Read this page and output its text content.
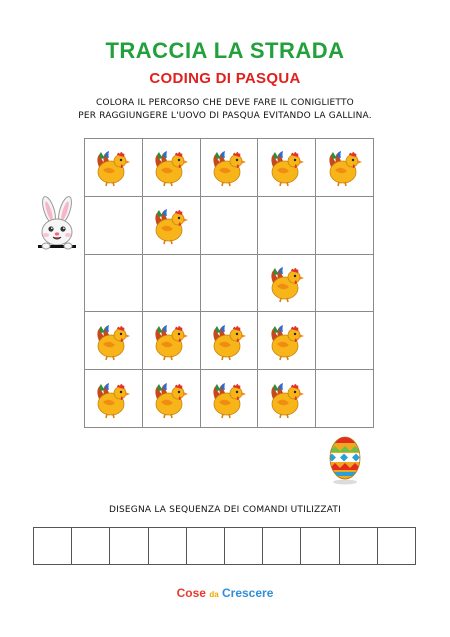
TRACCIA LA STRADA
CODING DI PASQUA
COLORA IL PERCORSO CHE DEVE FARE IL CONIGLIETTO
PER RAGGIUNGERE L'UOVO DI PASQUA EVITANDO LA GALLINA.
DISEGNA LA SEQUENZA DEI COMANDI UTILIZZATI
Cose da Crescere
